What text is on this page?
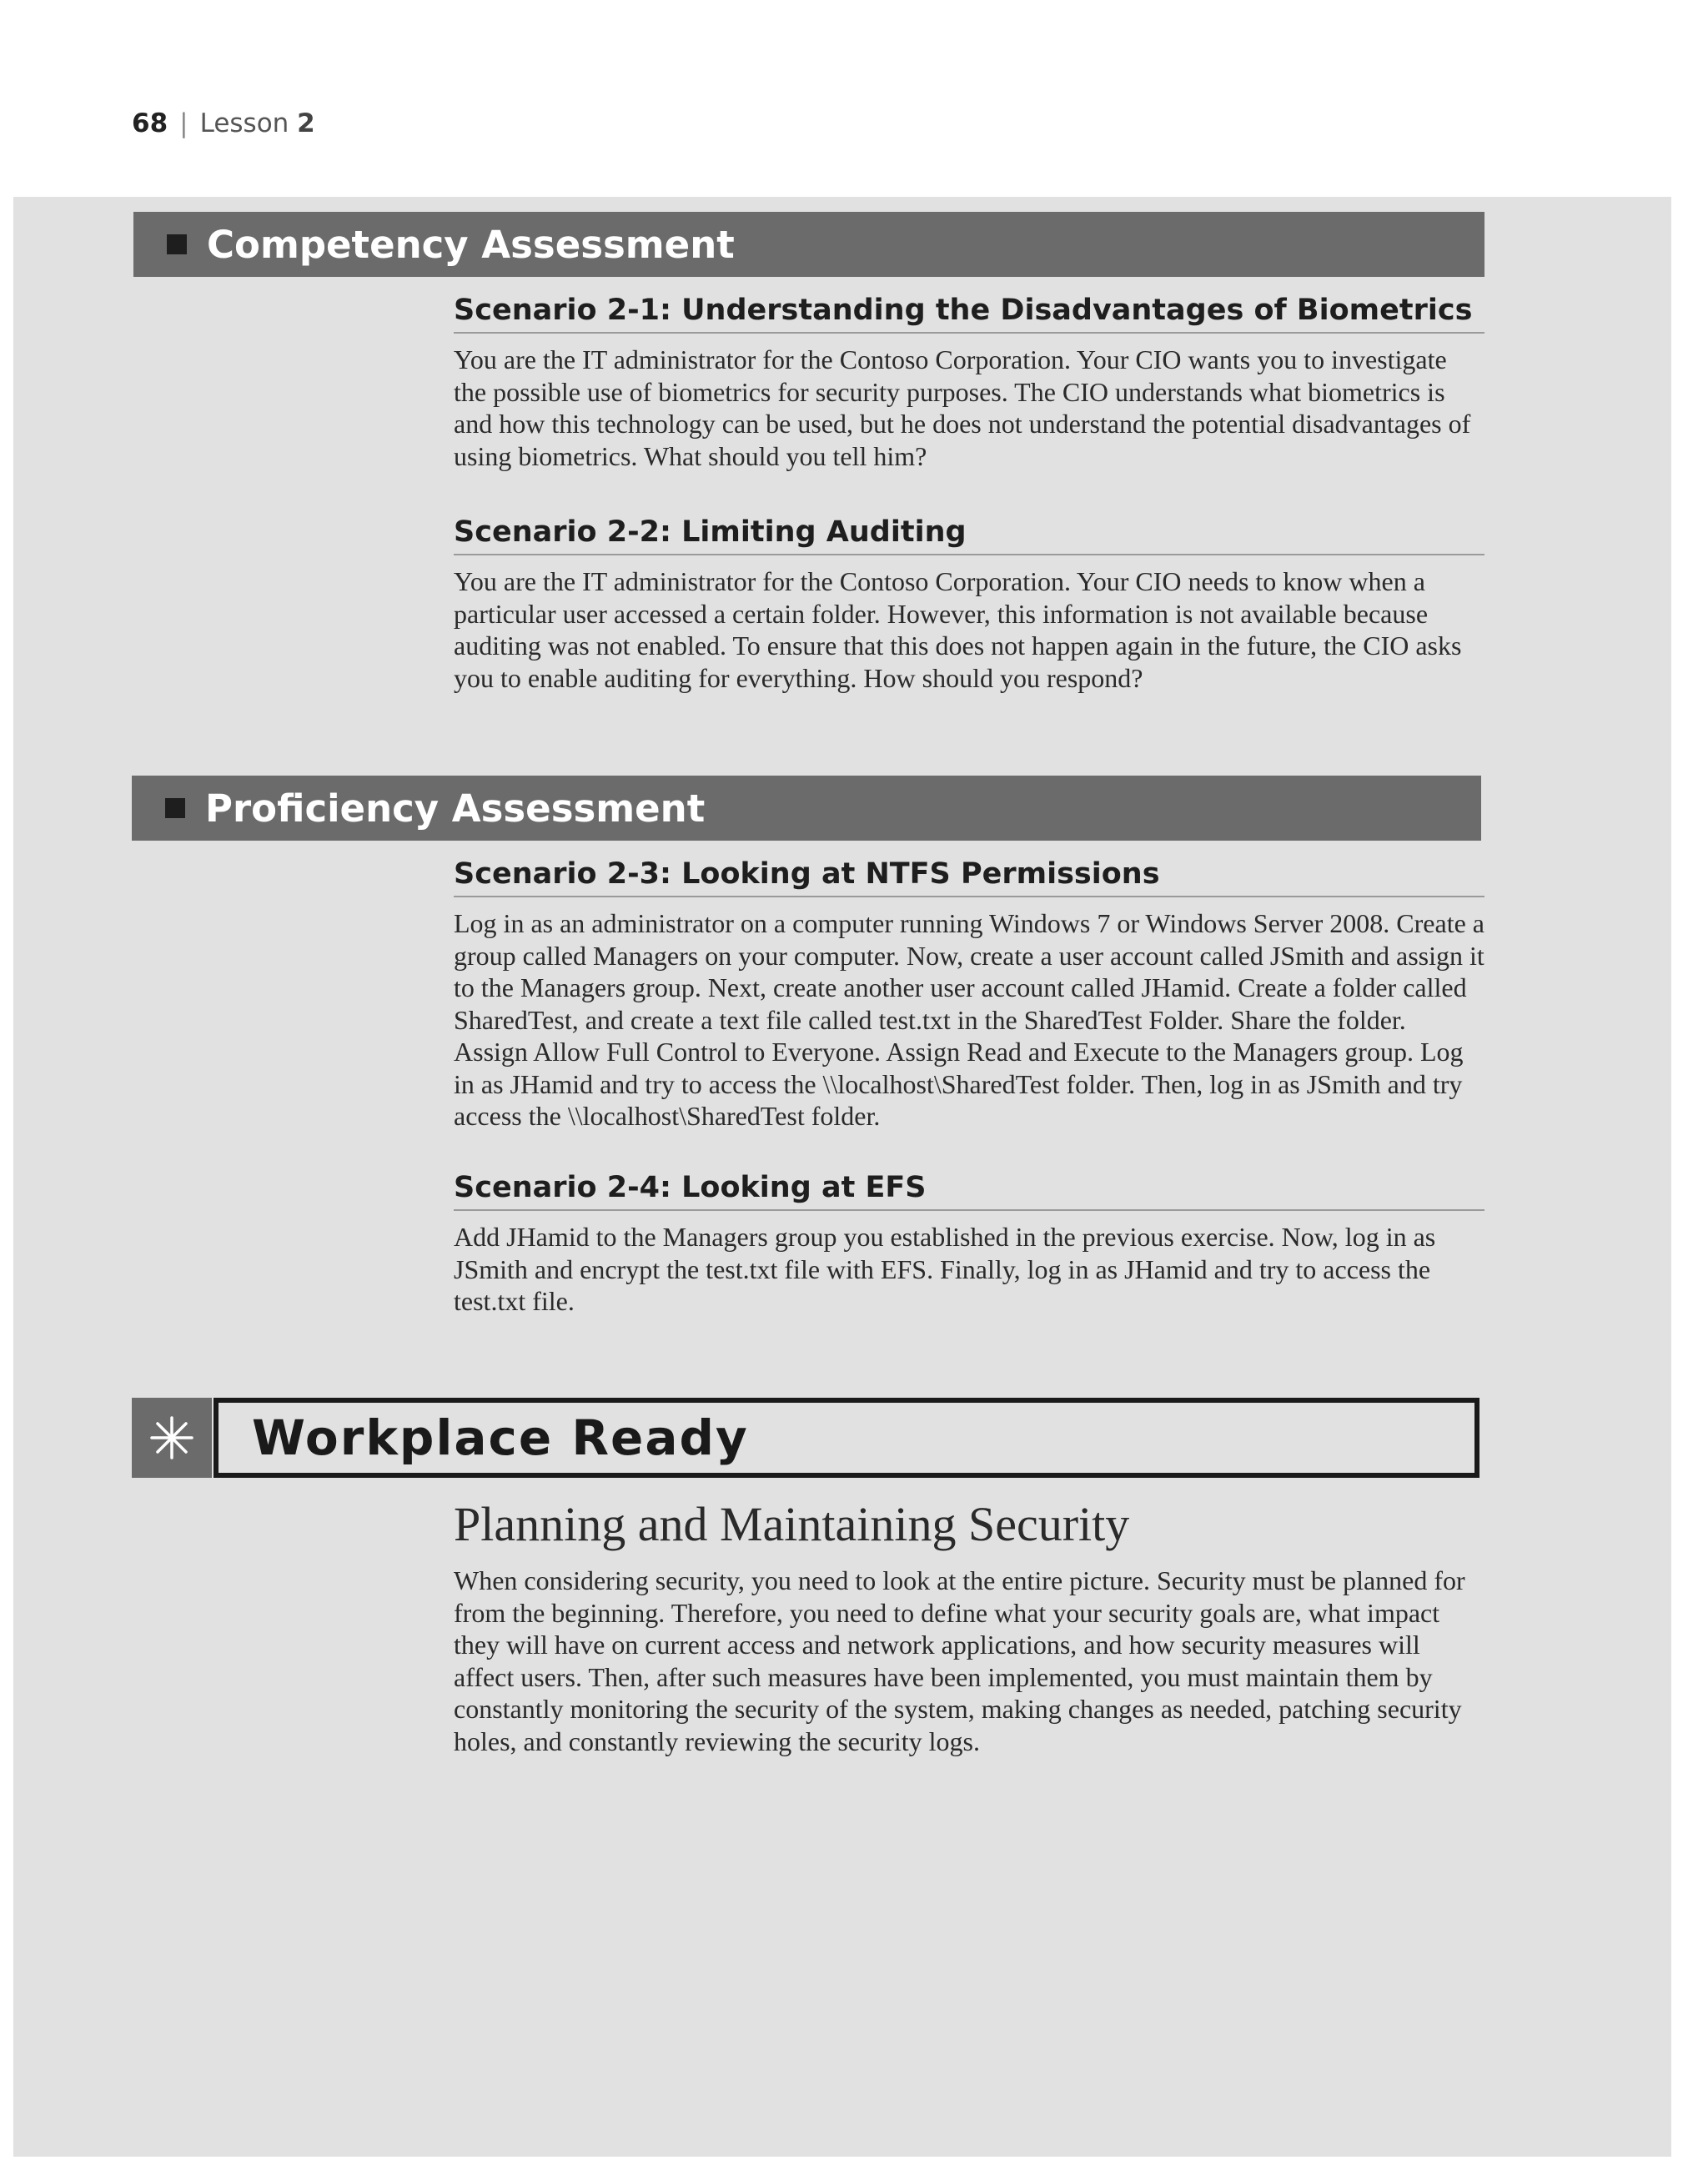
68 | Lesson 2
Competency Assessment
Scenario 2-1: Understanding the Disadvantages of Biometrics
You are the IT administrator for the Contoso Corporation. Your CIO wants you to investigate the possible use of biometrics for security purposes. The CIO understands what biometrics is and how this technology can be used, but he does not understand the potential disadvantages of using biometrics. What should you tell him?
Scenario 2-2: Limiting Auditing
You are the IT administrator for the Contoso Corporation. Your CIO needs to know when a particular user accessed a certain folder. However, this information is not available because auditing was not enabled. To ensure that this does not happen again in the future, the CIO asks you to enable auditing for everything. How should you respond?
Proficiency Assessment
Scenario 2-3: Looking at NTFS Permissions
Log in as an administrator on a computer running Windows 7 or Windows Server 2008. Create a group called Managers on your computer. Now, create a user account called JSmith and assign it to the Managers group. Next, create another user account called JHamid. Create a folder called SharedTest, and create a text file called test.txt in the SharedTest Folder. Share the folder. Assign Allow Full Control to Everyone. Assign Read and Execute to the Managers group. Log in as JHamid and try to access the \\localhost\SharedTest folder. Then, log in as JSmith and try access the \\localhost\SharedTest folder.
Scenario 2-4: Looking at EFS
Add JHamid to the Managers group you established in the previous exercise. Now, log in as JSmith and encrypt the test.txt file with EFS. Finally, log in as JHamid and try to access the test.txt file.
Workplace Ready
Planning and Maintaining Security
When considering security, you need to look at the entire picture. Security must be planned for from the beginning. Therefore, you need to define what your security goals are, what impact they will have on current access and network applications, and how security measures will affect users. Then, after such measures have been implemented, you must maintain them by constantly monitoring the security of the system, making changes as needed, patching security holes, and constantly reviewing the security logs.
